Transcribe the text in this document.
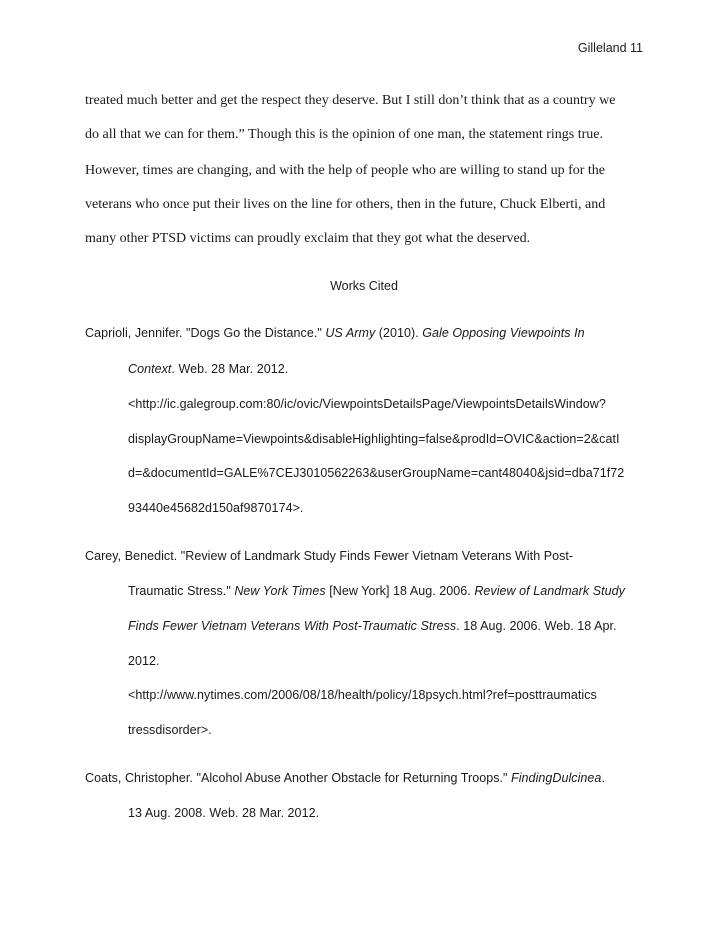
Gilleland 11
treated much better and get the respect they deserve. But I still don’t think that as a country we
do all that we can for them.” Though this is the opinion of one man, the statement rings true.
However, times are changing, and with the help of people who are willing to stand up for the
veterans who once put their lives on the line for others, then in the future, Chuck Elberti, and
many other PTSD victims can proudly exclaim that they got what the deserved.
Works Cited
Caprioli, Jennifer. "Dogs Go the Distance." US Army (2010). Gale Opposing Viewpoints In
Context. Web. 28 Mar. 2012.
<http://ic.galegroup.com:80/ic/ovic/ViewpointsDetailsPage/ViewpointsDetailsWindow?
displayGroupName=Viewpoints&disableHighlighting=false&prodId=OVIC&action=2&catI
d=&documentId=GALE%7CEJ3010562263&userGroupName=cant48040&jsid=dba71f72
93440e45682d150af9870174>.
Carey, Benedict. "Review of Landmark Study Finds Fewer Vietnam Veterans With Post-
Traumatic Stress." New York Times [New York] 18 Aug. 2006. Review of Landmark Study
Finds Fewer Vietnam Veterans With Post-Traumatic Stress. 18 Aug. 2006. Web. 18 Apr.
2012.
<http://www.nytimes.com/2006/08/18/health/policy/18psych.html?ref=posttraumatics
tressdisorder>.
Coats, Christopher. "Alcohol Abuse Another Obstacle for Returning Troops." FindingDulcinea.
13 Aug. 2008. Web. 28 Mar. 2012.
